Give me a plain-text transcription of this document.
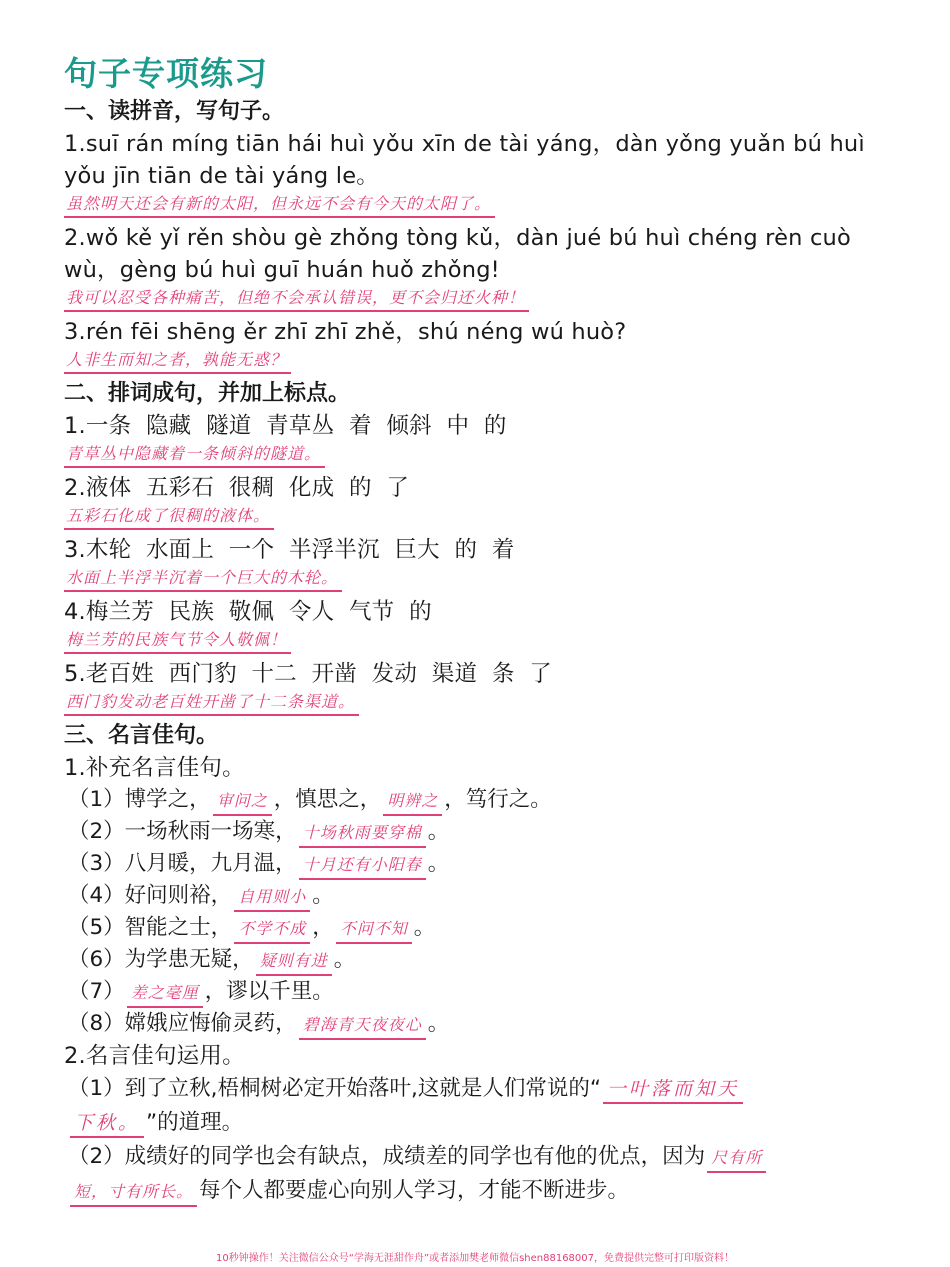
句子专项练习
一、读拼音，写句子。
1.suī rán míng tiān hái huì yǒu xīn de tài yáng，dàn yǒng yuǎn bú huì yǒu jīn tiān de tài yáng le。
虽然明天还会有新的太阳，但永远不会有今天的太阳了。
2.wǒ kě yǐ rěn shòu gè zhǒng tòng kǔ，dàn jué bú huì chéng rèn cuò wù，gèng bú huì guī huán huǒ zhǒng!
我可以忍受各种痛苦，但绝不会承认错误，更不会归还火种！
3.rén fēi shēng ěr zhī zhī zhě，shú néng wú huò?
人非生而知之者，孰能无惑？
二、排词成句，并加上标点。
1.一条  隐藏  隧道  青草丛  着  倾斜  中  的
青草丛中隐藏着一条倾斜的隧道。
2.液体  五彩石  很稠  化成  的  了
五彩石化成了很稠的液体。
3.木轮  水面上  一个  半浮半沉  巨大  的  着
水面上半浮半沉着一个巨大的木轮。
4.梅兰芳  民族  敬佩  令人  气节  的
梅兰芳的民族气节令人敬佩！
5.老百姓  西门豹  十二  开凿  发动  渠道  条  了
西门豹发动老百姓开凿了十二条渠道。
三、名言佳句。
1.补充名言佳句。
（1）博学之， 审问之 ，慎思之， 明辨之 ，笃行之。
（2）一场秋雨一场寒， 十场秋雨要穿棉 。
（3）八月暖，九月温， 十月还有小阳春 。
（4）好问则裕， 自用则小 。
（5）智能之士， 不学不成 ， 不问不知 。
（6）为学患无疑， 疑则有进 。
（7） 差之毫厘 ，谬以千里。
（8）嫦娥应悔偷灵药， 碧海青天夜夜心 。
2.名言佳句运用。
（1）到了立秋,梧桐树必定开始落叶,这就是人们常说的“ 一叶落而知天
下秋。 ”的道理。
（2）成绩好的同学也会有缺点，成绩差的同学也有他的优点，因为 尺有所
短，寸有所长。 每个人都要虚心向别人学习，才能不断进步。
10秒钟操作！关注微信公众号“学海无涯甜作舟”或者添加樊老师微信shen88168007，免费提供完整可打印版资料！
